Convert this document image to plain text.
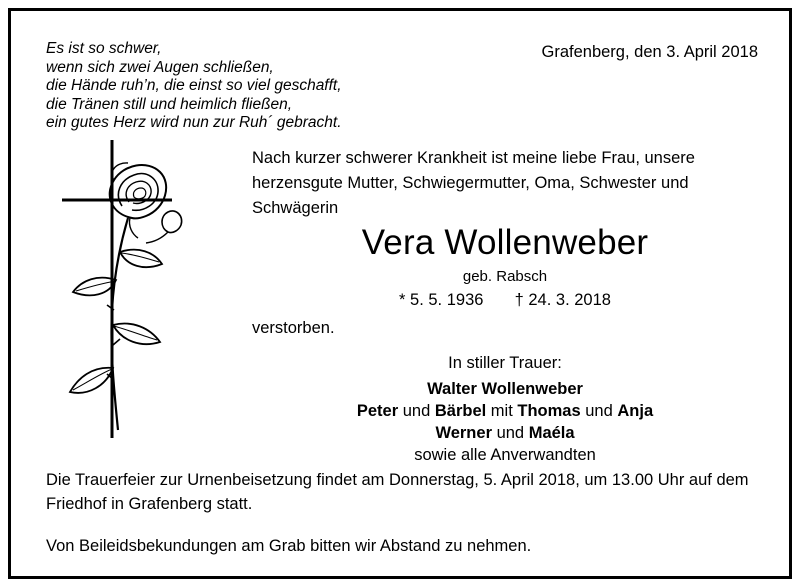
Es ist so schwer,
wenn sich zwei Augen schließen,
die Hände ruh’n, die einst so viel geschafft,
die Tränen still und heimlich fließen,
ein gutes Herz wird nun zur Ruh´ gebracht.
Grafenberg, den 3. April 2018
Nach kurzer schwerer Krankheit ist meine liebe Frau, unsere herzensgute Mutter, Schwiegermutter, Oma, Schwester und Schwägerin
Vera Wollenweber
geb. Rabsch
* 5. 5. 1936 † 24. 3. 2018
verstorben.
In stiller Trauer:
Walter Wollenweber
Peter und Bärbel mit Thomas und Anja
Werner und Maéla
sowie alle Anverwandten
Die Trauerfeier zur Urnenbeisetzung findet am Donnerstag, 5. April 2018, um 13.00 Uhr auf dem Friedhof in Grafenberg statt.
Von Beileidsbekundungen am Grab bitten wir Abstand zu nehmen.
